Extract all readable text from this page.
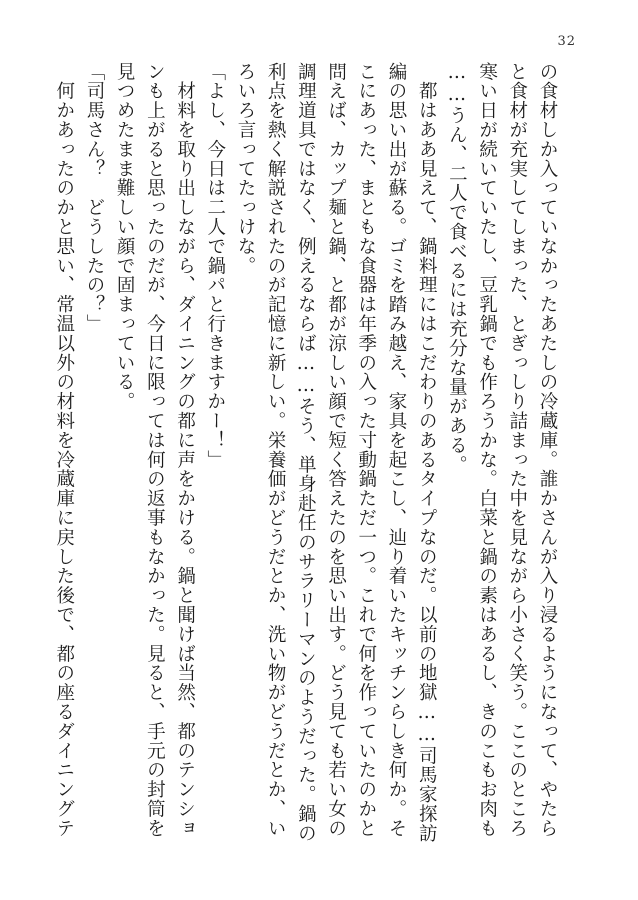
32
の食材しか入っていなかったあたしの冷蔵庫。誰かさんが入り浸るようになって、やたら
と食材が充実してしまった、とぎっしり詰まった中を見ながら小さく笑う。ここのところ
寒い日が続いていたし、豆乳鍋でも作ろうかな。白菜と鍋の素はあるし、きのこもお肉も
……うん、二人で食べるには充分な量がある。
　都はああ見えて、鍋料理にはこだわりのあるタイプなのだ。以前の地獄……司馬家探訪
編の思い出が蘇る。ゴミを踏み越え、家具を起こし、辿り着いたキッチンらしき何か。そ
こにあった、まともな食器は年季の入った寸動鍋ただ一つ。これで何を作っていたのかと
問えば、カップ麺と鍋、と都が涼しい顔で短く答えたのを思い出す。どう見ても若い女の
調理道具ではなく、例えるならば……そう、単身赴任のサラリーマンのようだった。鍋の
利点を熱く解説されたのが記憶に新しい。栄養価がどうだとか、洗い物がどうだとか、い
ろいろ言ってたっけな。
「よし、今日は二人で鍋パと行きますかー！」
　材料を取り出しながら、ダイニングの都に声をかける。鍋と聞けば当然、都のテンショ
ンも上がると思ったのだが、今日に限っては何の返事もなかった。見ると、手元の封筒を
見つめたまま難しい顔で固まっている。
「司馬さん？　どうしたの？」
　何かあったのかと思い、常温以外の材料を冷蔵庫に戻した後で、都の座るダイニングテ
